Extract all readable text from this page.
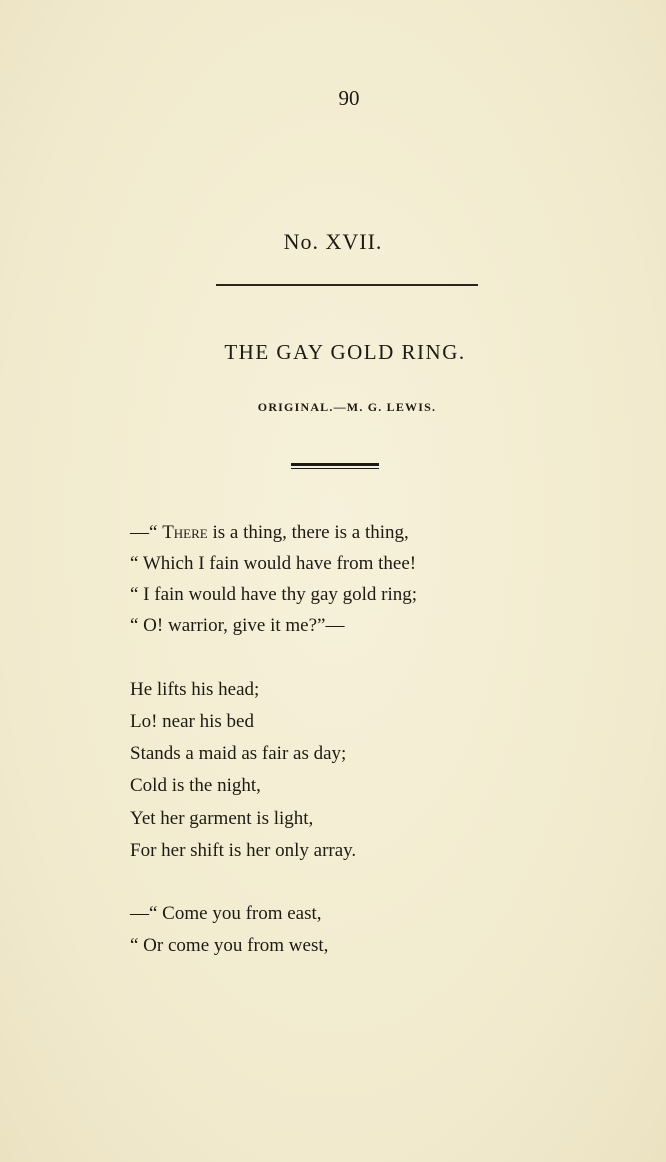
90
No. XVII.
THE GAY GOLD RING.
ORIGINAL.—M. G. LEWIS.
—“ There is a thing, there is a thing,
“ Which I fain would have from thee!
“ I fain would have thy gay gold ring;
“ O! warrior, give it me?”—
He lifts his head;
Lo! near his bed
Stands a maid as fair as day;
Cold is the night,
Yet her garment is light,
For her shift is her only array.
—“ Come you from east,
“ Or come you from west,
